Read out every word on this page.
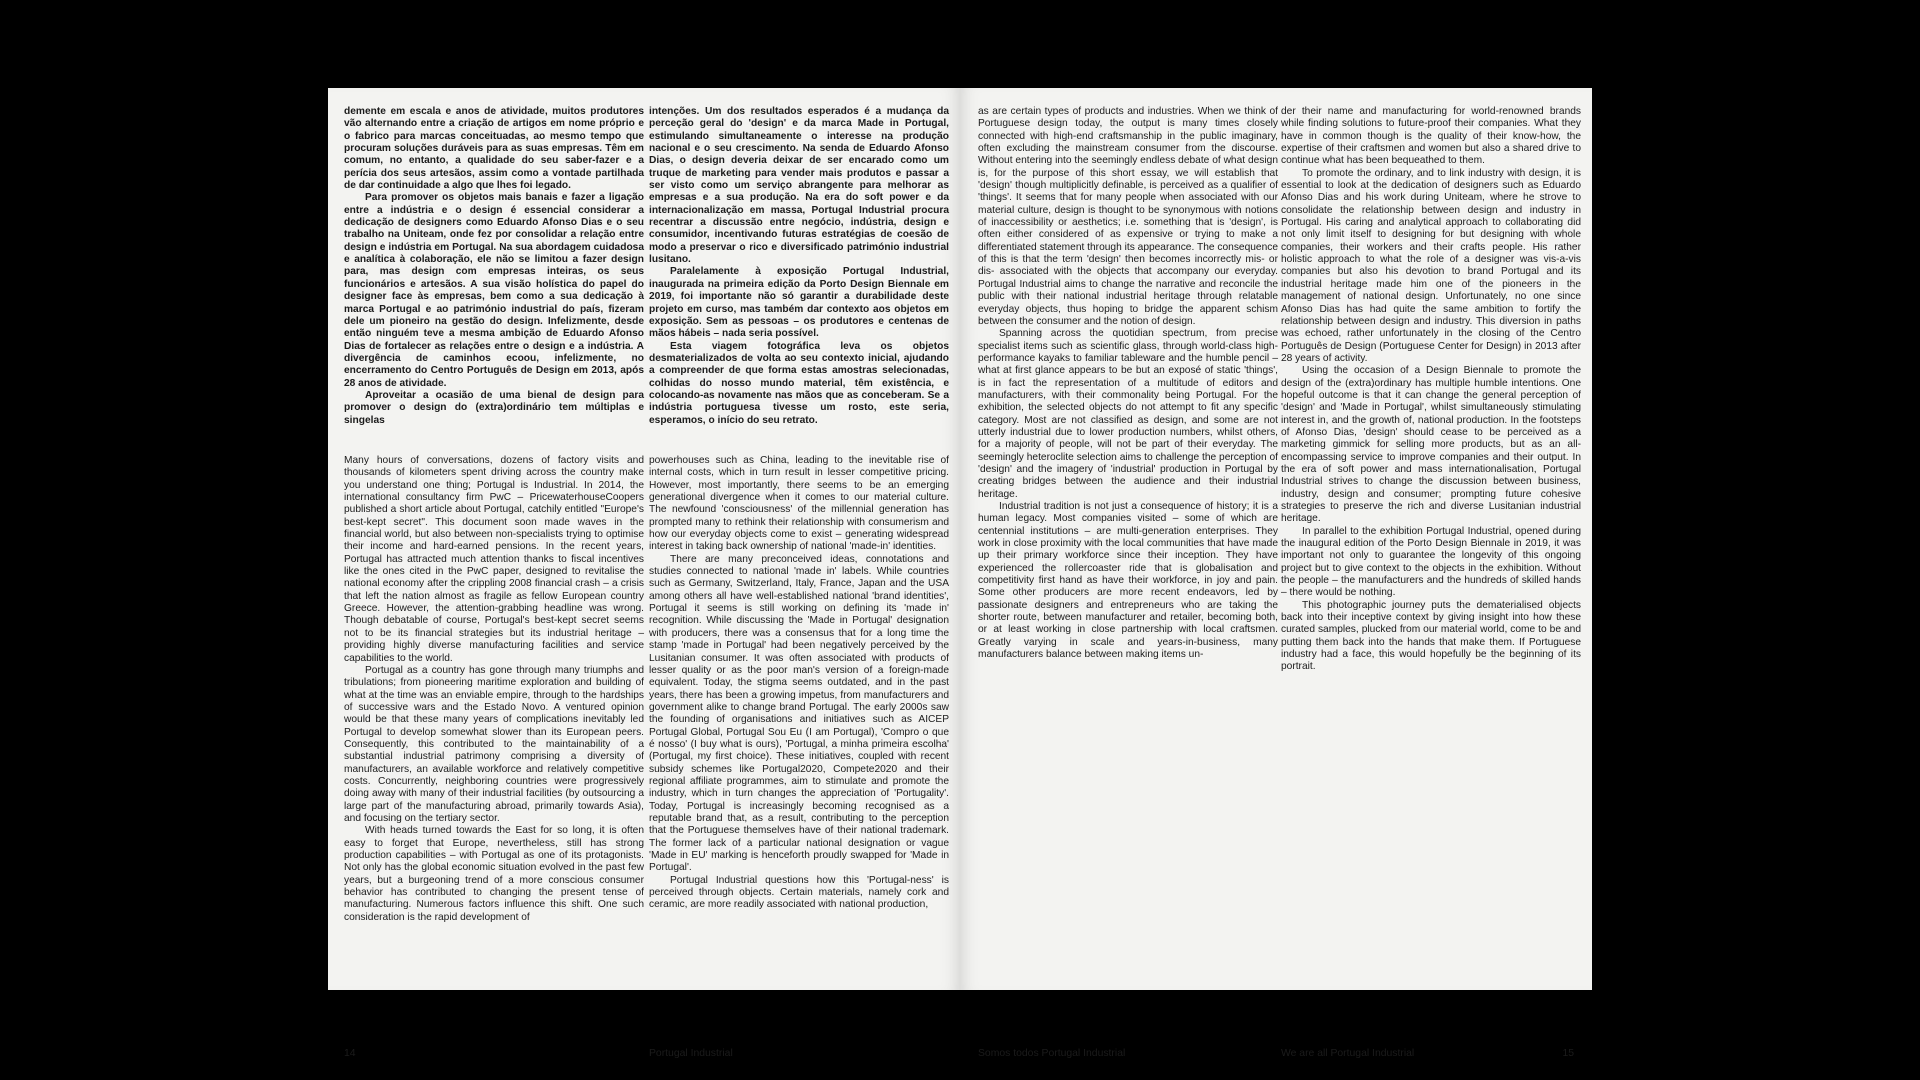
demente em escala e anos de atividade, muitos produtores vão alternando entre a criação de artigos em nome próprio e o fabrico para marcas conceituadas, ao mesmo tempo que procuram soluções duráveis para as suas empresas. Têm em comum, no entanto, a qualidade do seu saber-fazer e a perícia dos seus artesãos, assim como a vontade partilhada de dar continuidade a algo que lhes foi legado.

Para promover os objetos mais banais e fazer a ligação entre a indústria e o design é essencial considerar a dedicação de designers como Eduardo Afonso Dias e o seu trabalho na Uniteam, onde fez por consolidar a relação entre design e indústria em Portugal. Na sua abordagem cuidadosa e analítica à colaboração, ele não se limitou a fazer design para, mas design com empresas inteiras, os seus funcionários e artesãos. A sua visão holística do papel do designer face às empresas, bem como a sua dedicação à marca Portugal e ao património industrial do país, fizeram dele um pioneiro na gestão do design. Infelizmente, desde então ninguém teve a mesma ambição de Eduardo Afonso Dias de fortalecer as relações entre o design e a indústria. A divergência de caminhos ecoou, infelizmente, no encerramento do Centro Português de Design em 2013, após 28 anos de atividade.

Aproveitar a ocasião de uma bienal de design para promover o design do (extra)ordinário tem múltiplas e singelas

intenções. Um dos resultados esperados é a mudança da perceção geral do 'design' e da marca Made in Portugal, estimulando simultaneamente o interesse na produção nacional e o seu crescimento. Na senda de Eduardo Afonso Dias, o design deveria deixar de ser encarado como um truque de marketing para vender mais produtos e passar a ser visto como um serviço abrangente para melhorar as empresas e a sua produção. Na era do soft power e da internacionalização em massa, Portugal Industrial procura recentrar a discussão entre negócio, indústria, design e consumidor, incentivando futuras estratégias de coesão de modo a preservar o rico e diversificado património industrial lusitano.

Paralelamente à exposição Portugal Industrial, inaugurada na primeira edição da Porto Design Biennale em 2019, foi importante não só garantir a durabilidade deste projeto em curso, mas também dar contexto aos objetos em exposição. Sem as pessoas – os produtores e centenas de mãos hábeis – nada seria possível.

Esta viagem fotográfica leva os objetos desmaterializados de volta ao seu contexto inicial, ajudando a compreender de que forma estas amostras selecionadas, colhidas do nosso mundo material, têm existência, e colocando-as novamente nas mãos que as conceberam. Se a indústria portuguesa tivesse um rosto, este seria, esperamos, o início do seu retrato.

Many hours of conversations, dozens of factory visits and thousands of kilometers spent driving across the country make you understand one thing; Portugal is Industrial. In 2014, the international consultancy firm PwC – PricewaterhouseCoopers published a short article about Portugal, catchily entitled "Europe's best-kept secret". This document soon made waves in the financial world, but also between non-specialists trying to optimise their income and hard-earned pensions. In the recent years, Portugal has attracted much attention thanks to fiscal incentives like the ones cited in the PwC paper, designed to revitalise the national economy after the crippling 2008 financial crash – a crisis that left the nation almost as fragile as fellow European country Greece. However, the attention-grabbing headline was wrong. Though debatable of course, Portugal's best-kept secret seems not to be its financial strategies but its industrial heritage – providing highly diverse manufacturing facilities and service capabilities to the world.

Portugal as a country has gone through many triumphs and tribulations; from pioneering maritime exploration and building of what at the time was an enviable empire, through to the hardships of successive wars and the Estado Novo. A ventured opinion would be that these many years of complications inevitably led Portugal to develop somewhat slower than its European peers. Consequently, this contributed to the maintainability of a substantial industrial patrimony comprising a diversity of manufacturers, an available workforce and relatively competitive costs. Concurrently, neighboring countries were progressively doing away with many of their industrial facilities (by outsourcing a large part of the manufacturing abroad, primarily towards Asia), and focusing on the tertiary sector.

With heads turned towards the East for so long, it is often easy to forget that Europe, nevertheless, still has strong production capabilities – with Portugal as one of its protagonists. Not only has the global economic situation evolved in the past few years, but a burgeoning trend of a more conscious consumer behavior has contributed to changing the present tense of manufacturing. Numerous factors influence this shift. One such consideration is the rapid development of

powerhouses such as China, leading to the inevitable rise of internal costs, which in turn result in lesser competitive pricing. However, most importantly, there seems to be an emerging generational divergence when it comes to our material culture. The newfound 'consciousness' of the millennial generation has prompted many to rethink their relationship with consumerism and how our everyday objects come to exist – generating widespread interest in taking back ownership of national 'made-in' identities.

There are many preconceived ideas, connotations and studies connected to national 'made in' labels. While countries such as Germany, Switzerland, Italy, France, Japan and the USA among others all have well-established national 'brand identities', Portugal it seems is still working on defining its 'made in' recognition. While discussing the 'Made in Portugal' designation with producers, there was a consensus that for a long time the stamp 'made in Portugal' had been negatively perceived by the Lusitanian consumer. It was often associated with products of lesser quality or as the poor man's version of a foreign-made equivalent. Today, the stigma seems outdated, and in the past years, there has been a growing impetus, from manufacturers and government alike to change brand Portugal. The early 2000s saw the founding of organisations and initiatives such as AICEP Portugal Global, Portugal Sou Eu (I am Portugal), 'Compro o que é nosso' (I buy what is ours), 'Portugal, a minha primeira escolha' (Portugal, my first choice). These initiatives, coupled with recent subsidy schemes like Portugal2020, Compete2020 and their regional affiliate programmes, aim to stimulate and promote the industry, which in turn changes the appreciation of 'Portugality'. Today, Portugal is increasingly becoming recognised as a reputable brand that, as a result, contributing to the perception that the Portuguese themselves have of their national trademark. The former lack of a particular national designation or vague 'Made in EU' marking is henceforth proudly swapped for 'Made in Portugal'.

Portugal Industrial questions how this 'Portugal-ness' is perceived through objects. Certain materials, namely cork and ceramic, are more readily associated with national production,

14	Portugal Industrial

as are certain types of products and industries. When we think of Portuguese design today, the output is many times closely connected with high-end craftsmanship in the public imaginary, often excluding the mainstream consumer from the discourse. Without entering into the seemingly endless debate of what design is, for the purpose of this short essay, we will establish that 'design' though multiplicitly definable, is perceived as a qualifier of 'things'. It seems that for many people when associated with our material culture, design is thought to be synonymous with notions of inaccessibility or aesthetics; i.e. something that is 'design', is often either considered of as expensive or trying to make a differentiated statement through its appearance. The consequence of this is that the term 'design' then becomes incorrectly mis- or dis- associated with the objects that accompany our everyday. Portugal Industrial aims to change the narrative and reconcile the public with their national industrial heritage through relatable everyday objects, thus hoping to bridge the apparent schism between the consumer and the notion of design.

Spanning across the quotidian spectrum, from precise specialist items such as scientific glass, through world-class high-performance kayaks to familiar tableware and the humble pencil – what at first glance appears to be but an exposé of static 'things', is in fact the representation of a multitude of editors and manufacturers, with their commonality being Portugal. For the exhibition, the selected objects do not attempt to fit any specific category. Most are not classified as design, and some are not utterly industrial due to lower production numbers, whilst others, for a majority of people, will not be part of their everyday. The seemingly heteroclite selection aims to challenge the perception of 'design' and the imagery of 'industrial' production in Portugal by creating bridges between the audience and their industrial heritage.

Industrial tradition is not just a consequence of history; it is a human legacy. Most companies visited – some of which are centennial institutions – are multi-generation enterprises. They work in close proximity with the local communities that have made up their primary workforce since their inception. They have experienced the rollercoaster ride that is globalisation and competitivity first hand as have their workforce, in joy and pain. Some other producers are more recent endeavors, led by passionate designers and entrepreneurs who are taking the shorter route, between manufacturer and retailer, becoming both, or at least working in close partnership with local craftsmen. Greatly varying in scale and years-in-business, many manufacturers balance between making items un-

der their name and manufacturing for world-renowned brands while finding solutions to future-proof their companies. What they have in common though is the quality of their know-how, the expertise of their craftsmen and women but also a shared drive to continue what has been bequeathed to them.

To promote the ordinary, and to link industry with design, it is essential to look at the dedication of designers such as Eduardo Afonso Dias and his work during Uniteam, where he strove to consolidate the relationship between design and industry in Portugal. His caring and analytical approach to collaborating did not only limit itself to designing for but designing with whole companies, their workers and their crafts people. His rather holistic approach to what the role of a designer was vis-a-vis companies but also his devotion to brand Portugal and its industrial heritage made him one of the pioneers in the management of national design. Unfortunately, no one since Afonso Dias has had quite the same ambition to fortify the relationship between design and industry. This diversion in paths was echoed, rather unfortunately in the closing of the Centro Português de Design (Portuguese Center for Design) in 2013 after 28 years of activity.

Using the occasion of a Design Biennale to promote the design of the (extra)ordinary has multiple humble intentions. One hopeful outcome is that it can change the general perception of 'design' and 'Made in Portugal', whilst simultaneously stimulating interest in, and the growth of, national production. In the footsteps of Afonso Dias, 'design' should cease to be perceived as a marketing gimmick for selling more products, but as an all-encompassing service to improve companies and their output. In the era of soft power and mass internationalisation, Portugal Industrial strives to change the discussion between business, industry, design and consumer; prompting future cohesive strategies to preserve the rich and diverse Lusitanian industrial heritage.

In parallel to the exhibition Portugal Industrial, opened during the inaugural edition of the Porto Design Biennale in 2019, it was important not only to guarantee the longevity of this ongoing project but to give context to the objects in the exhibition. Without the people – the manufacturers and the hundreds of skilled hands – there would be nothing.

This photographic journey puts the dematerialised objects back into their inceptive context by giving insight into how these curated samples, plucked from our material world, come to be and putting them back into the hands that make them. If Portuguese industry had a face, this would hopefully be the beginning of its portrait.

Somos todos Portugal Industrial	We are all Portugal Industrial	15
